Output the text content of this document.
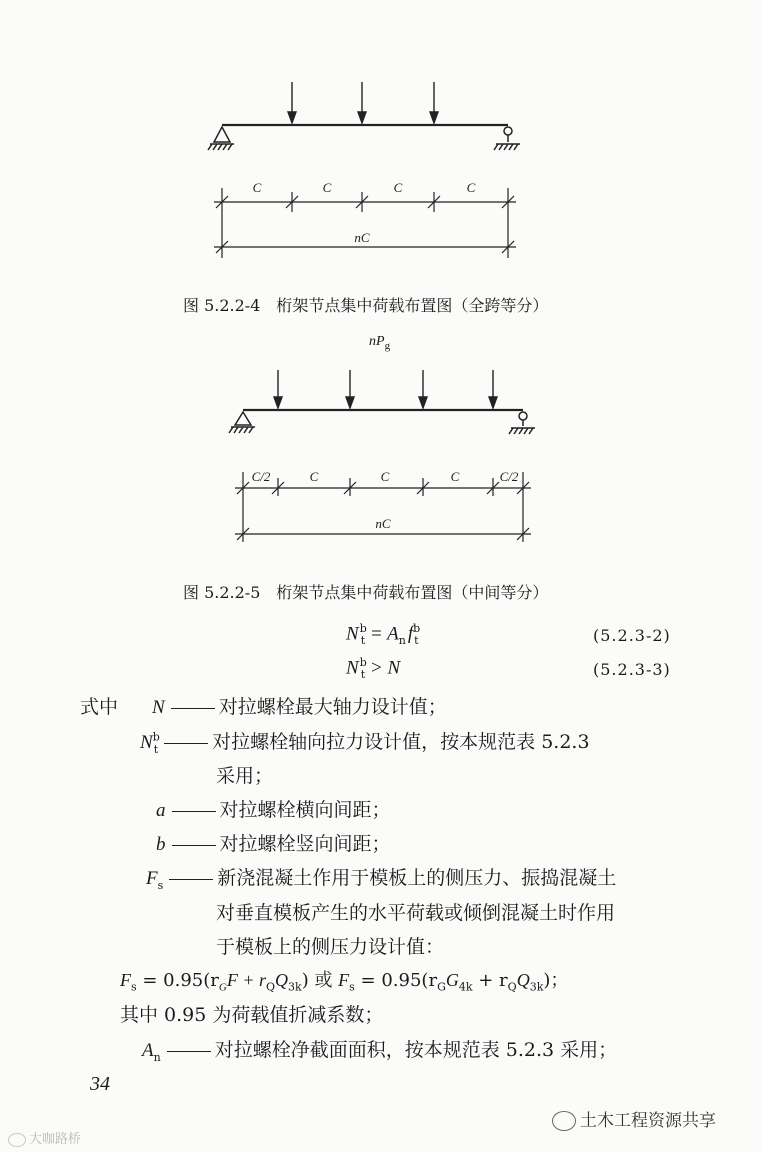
C	C	C	C
nC
图 5.2.2-4　桁架节点集中荷载布置图（全跨等分）
$nP_g$
C/2	C	C	C	C/2
nC
图 5.2.2-5　桁架节点集中荷载布置图（中间等分）
$N^b_t = A_n$ $f^b_t$	(5.2.3-2)
$N^b_t > N$	(5.2.3-3)
式中 N	对拉螺栓最大轴力设计值；
$N^b_t$	对拉螺栓轴向拉力设计值，按本规范表 5.2.3
采用；
a	对拉螺栓横向间距；
b	对拉螺栓竖向间距；
$F_s$	新浇混凝土作用于模板上的侧压力、振捣混凝土
对垂直模板产生的水平荷载或倾倒混凝土时作用
于模板上的侧压力设计值：
$F_s = 0.95(r_GF + r_QQ_{3k})$ 或 $F_s = 0.95(r_GG_{4k} + r_QQ_{3k})$；
其中 0.95 为荷载值折减系数；
$A_n$	对拉螺栓净截面面积，按本规范表 5.2.3 采用；
34
土木工程资源共享
大咖路桥
